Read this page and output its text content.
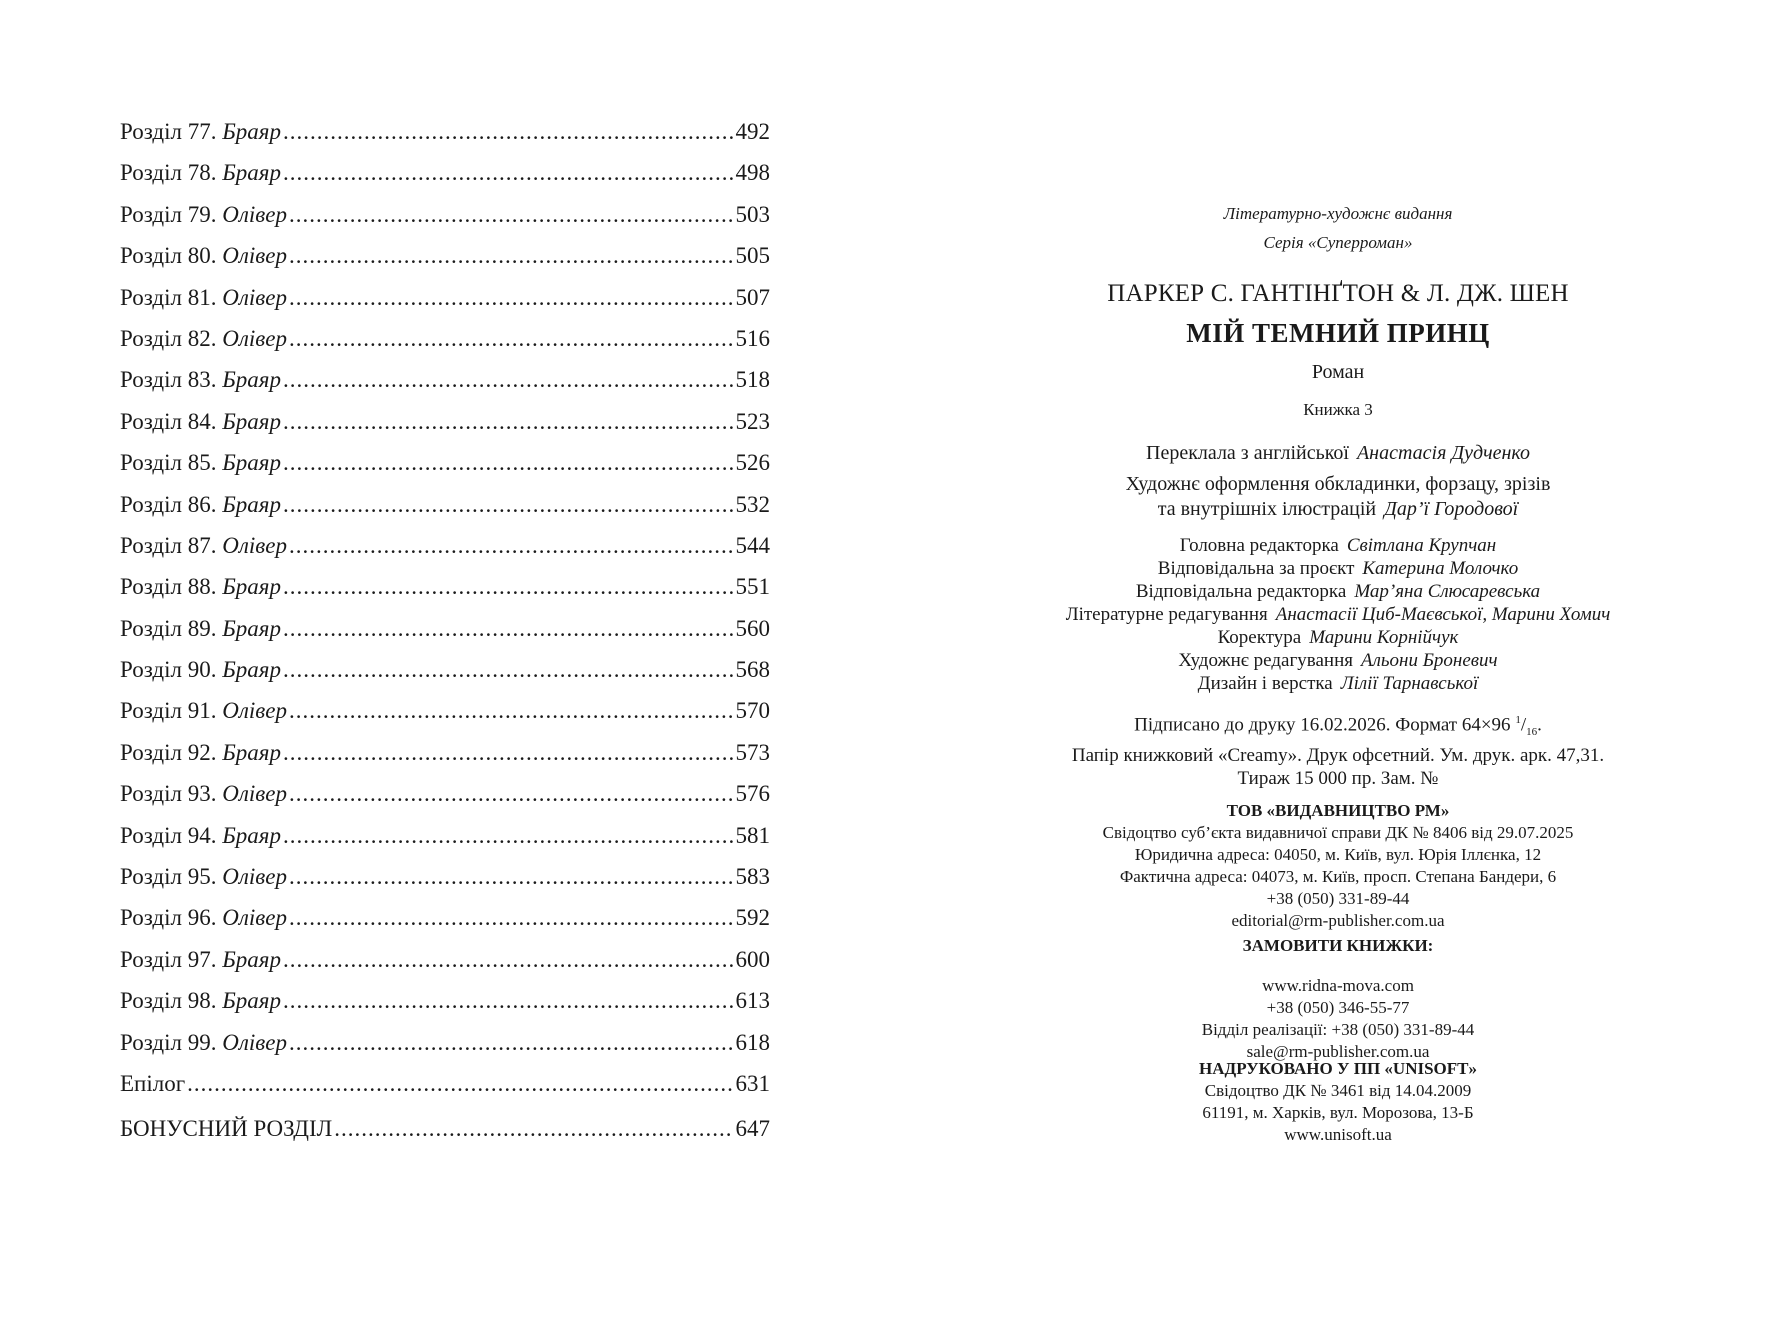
Розділ 77. Браяр .....	492
Розділ 78. Браяр .....	498
Розділ 79. Олівер .....	503
Розділ 80. Олівер .....	505
Розділ 81. Олівер .....	507
Розділ 82. Олівер .....	516
Розділ 83. Браяр .....	518
Розділ 84. Браяр .....	523
Розділ 85. Браяр .....	526
Розділ 86. Браяр .....	532
Розділ 87. Олівер .....	544
Розділ 88. Браяр .....	551
Розділ 89. Браяр .....	560
Розділ 90. Браяр .....	568
Розділ 91. Олівер .....	570
Розділ 92. Браяр .....	573
Розділ 93. Олівер .....	576
Розділ 94. Браяр .....	581
Розділ 95. Олівер .....	583
Розділ 96. Олівер .....	592
Розділ 97. Браяр .....	600
Розділ 98. Браяр .....	613
Розділ 99. Олівер .....	618
Епілог .....	631
БОНУСНИЙ РОЗДІЛ .....	647

Літературно-художнє видання

Серія «Суперроман»

ПАРКЕР С. ГАНТІНҐТОН & Л. ДЖ. ШЕН

МІЙ ТЕМНИЙ ПРИНЦ

Роман

Книжка 3

Переклала з англійської Анастасія Дудченко

Художнє оформлення обкладинки, форзацу, зрізів

та внутрішніх ілюстрацій Дар’ї Городової

Головна редакторка Світлана Крупчан

Відповідальна за проєкт Катерина Молочко

Відповідальна редакторка Мар’яна Слюсаревська

Літературне редагування Анастасії Циб-Маєвської, Марини Хомич

Коректура Марини Корнійчук

Художнє редагування Альони Броневич

Дизайн і верстка Лілії Тарнавської

Підписано до друку 16.02.2026. Формат 64×96 $^1/_{16}$.

Папір книжковий «Creamy». Друк офсетний. Ум. друк. арк. 47,31.

Тираж 15 000 пр. Зам. №

ТОВ «ВИДАВНИЦТВО РМ»

Свідоцтво суб’єкта видавничої справи ДК № 8406 від 29.07.2025

Юридична адреса: 04050, м. Київ, вул. Юрія Іллєнка, 12

Фактична адреса: 04073, м. Київ, просп. Степана Бандери, 6

+38 (050) 331-89-44

editorial@rm-publisher.com.ua

ЗАМОВИТИ КНИЖКИ:

www.ridna-mova.com

+38 (050) 346-55-77

Відділ реалізації: +38 (050) 331-89-44

sale@rm-publisher.com.ua

НАДРУКОВАНО У ПП «UNISOFT»

Свідоцтво ДК № 3461 від 14.04.2009

61191, м. Харків, вул. Морозова, 13-Б

www.unisoft.ua
